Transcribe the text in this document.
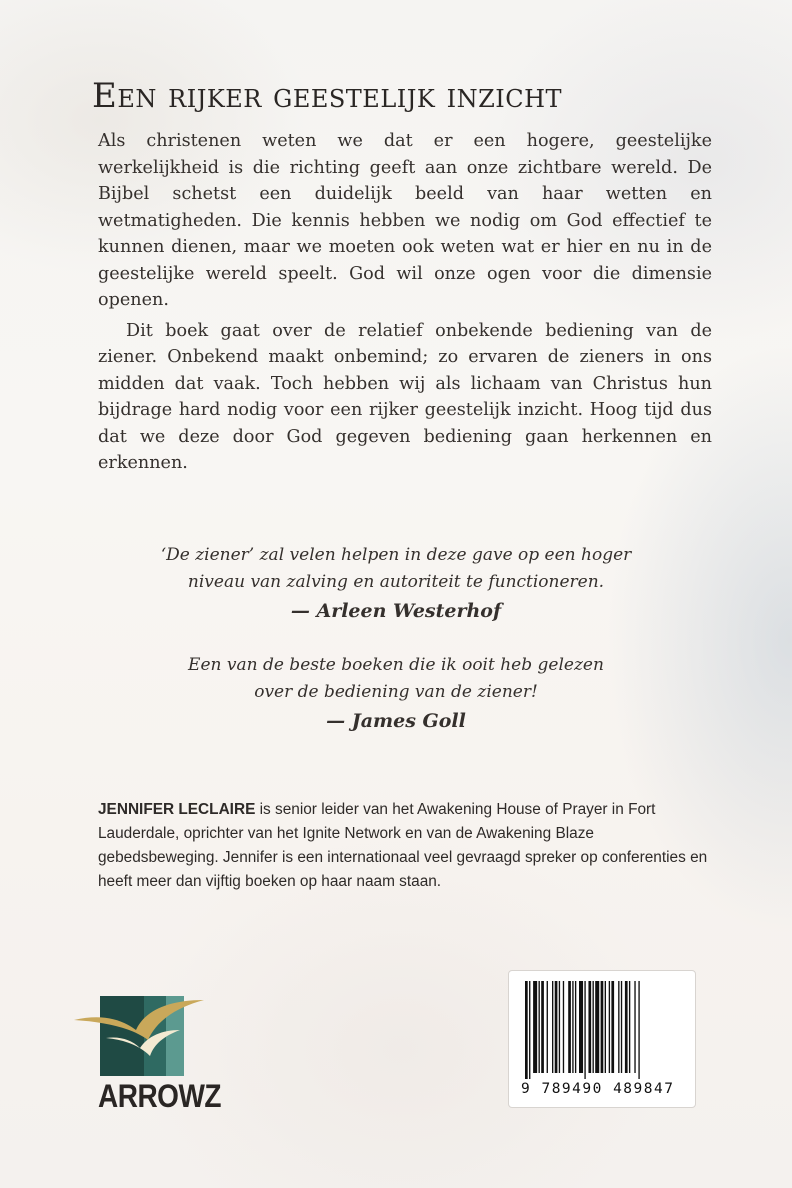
Een rijker geestelijk inzicht

Als christenen weten we dat er een hogere, geestelijke werkelijkheid is die richting geeft aan onze zichtbare wereld. De Bijbel schetst een duidelijk beeld van haar wetten en wetmatigheden. Die kennis hebben we nodig om God effectief te kunnen dienen, maar we moeten ook weten wat er hier en nu in de geestelijke wereld speelt. God wil onze ogen voor die dimensie openen.

Dit boek gaat over de relatief onbekende bediening van de ziener. Onbekend maakt onbemind; zo ervaren de zieners in ons midden dat vaak. Toch hebben wij als lichaam van Christus hun bijdrage hard nodig voor een rijker geestelijk inzicht. Hoog tijd dus dat we deze door God gegeven bediening gaan herkennen en erkennen.

‘De ziener’ zal velen helpen in deze gave op een hoger
niveau van zalving en autoriteit te functioneren.
— Arleen Westerhof
Een van de beste boeken die ik ooit heb gelezen
over de bediening van de ziener!
— James Goll
JENNIFER LECLAIRE is senior leider van het Awakening House of Prayer in Fort Lauderdale, oprichter van het Ignite Network en van de Awakening Blaze gebedsbeweging. Jennifer is een internationaal veel gevraagd spreker op conferenties en heeft meer dan vijftig boeken op haar naam staan.
ARROWZ	9 789490 489847
